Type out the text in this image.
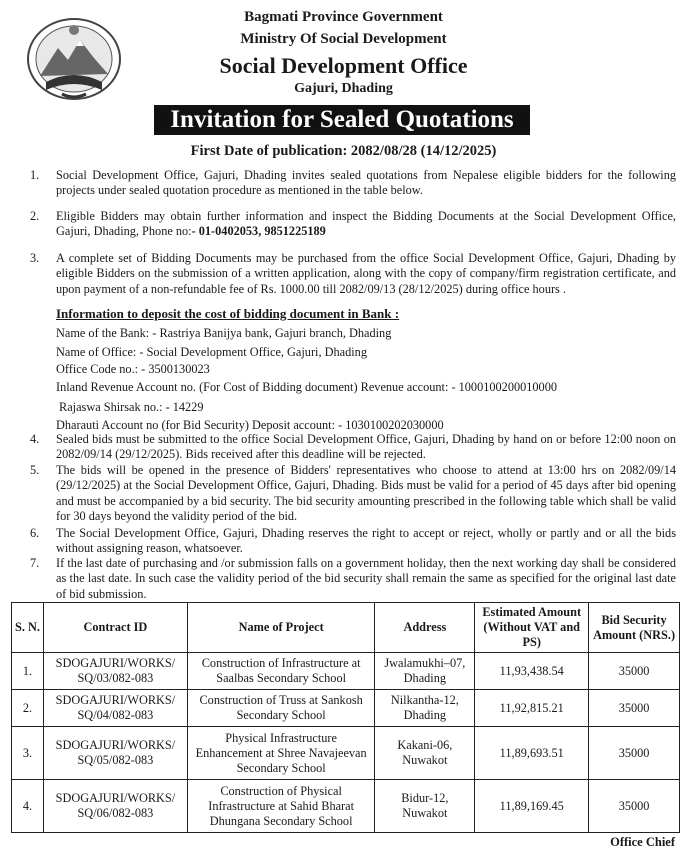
Bagmati Province Government
Ministry Of Social Development
Social Development Office
Gajuri, Dhading
Invitation for Sealed Quotations
First Date of publication: 2082/08/28 (14/12/2025)
1.	Social Development Office, Gajuri, Dhading invites sealed quotations from Nepalese eligible bidders for the following projects under sealed quotation procedure as mentioned in the table below.
2.	Eligible Bidders may obtain further information and inspect the Bidding Documents at the Social Development Office, Gajuri, Dhading, Phone no:- 01-0402053, 9851225189
3.	A complete set of Bidding Documents may be purchased from the office Social Development Office, Gajuri, Dhading by eligible Bidders on the submission of a written application, along with the copy of company/firm registration certificate, and upon payment of a non-refundable fee of Rs. 1000.00 till 2082/09/13 (28/12/2025) during office hours .
Information to deposit the cost of bidding document in Bank :
Name of the Bank: - Rastriya Banijya bank, Gajuri branch, Dhading
Name of Office: - Social Development Office, Gajuri, Dhading
Office Code no.: - 3500130023
Inland Revenue Account no. (For Cost of Bidding document) Revenue account: - 1000100200010000
Rajaswa Shirsak no.: - 14229
Dharauti Account no (for Bid Security) Deposit account: - 1030100202030000
4.	Sealed bids must be submitted to the office Social Development Office, Gajuri, Dhading by hand on or before 12:00 noon on 2082/09/14 (29/12/2025). Bids received after this deadline will be rejected.
5.	The bids will be opened in the presence of Bidders' representatives who choose to attend at 13:00 hrs on 2082/09/14 (29/12/2025) at the Social Development Office, Gajuri, Dhading. Bids must be valid for a period of 45 days after bid opening and must be accompanied by a bid security. The bid security amounting prescribed in the following table which shall be valid for 30 days beyond the validity period of the bid.
6.	The Social Development Office, Gajuri, Dhading reserves the right to accept or reject, wholly or partly and or all the bids without assigning reason, whatsoever.
7.	If the last date of purchasing and /or submission falls on a government holiday, then the next working day shall be considered as the last date. In such case the validity period of the bid security shall remain the same as specified for the original last date of bid submission.
S. N.	Contract ID	Name of Project	Address	Estimated Amount (Without VAT and PS)	Bid Security Amount (NRS.)
1.	SDOGAJURI/WORKS/ SQ/03/082-083	Construction of Infrastructure at Saalbas Secondary School	Jwalamukhi–07, Dhading	11,93,438.54	35000
2.	SDOGAJURI/WORKS/ SQ/04/082-083	Construction of Truss at Sankosh Secondary School	Nilkantha-12, Dhading	11,92,815.21	35000
3.	SDOGAJURI/WORKS/ SQ/05/082-083	Physical Infrastructure Enhancement at Shree Navajeevan Secondary School	Kakani-06, Nuwakot	11,89,693.51	35000
4.	SDOGAJURI/WORKS/ SQ/06/082-083	Construction of Physical Infrastructure at Sahid Bharat Dhungana Secondary School	Bidur-12, Nuwakot	11,89,169.45	35000
Office Chief
